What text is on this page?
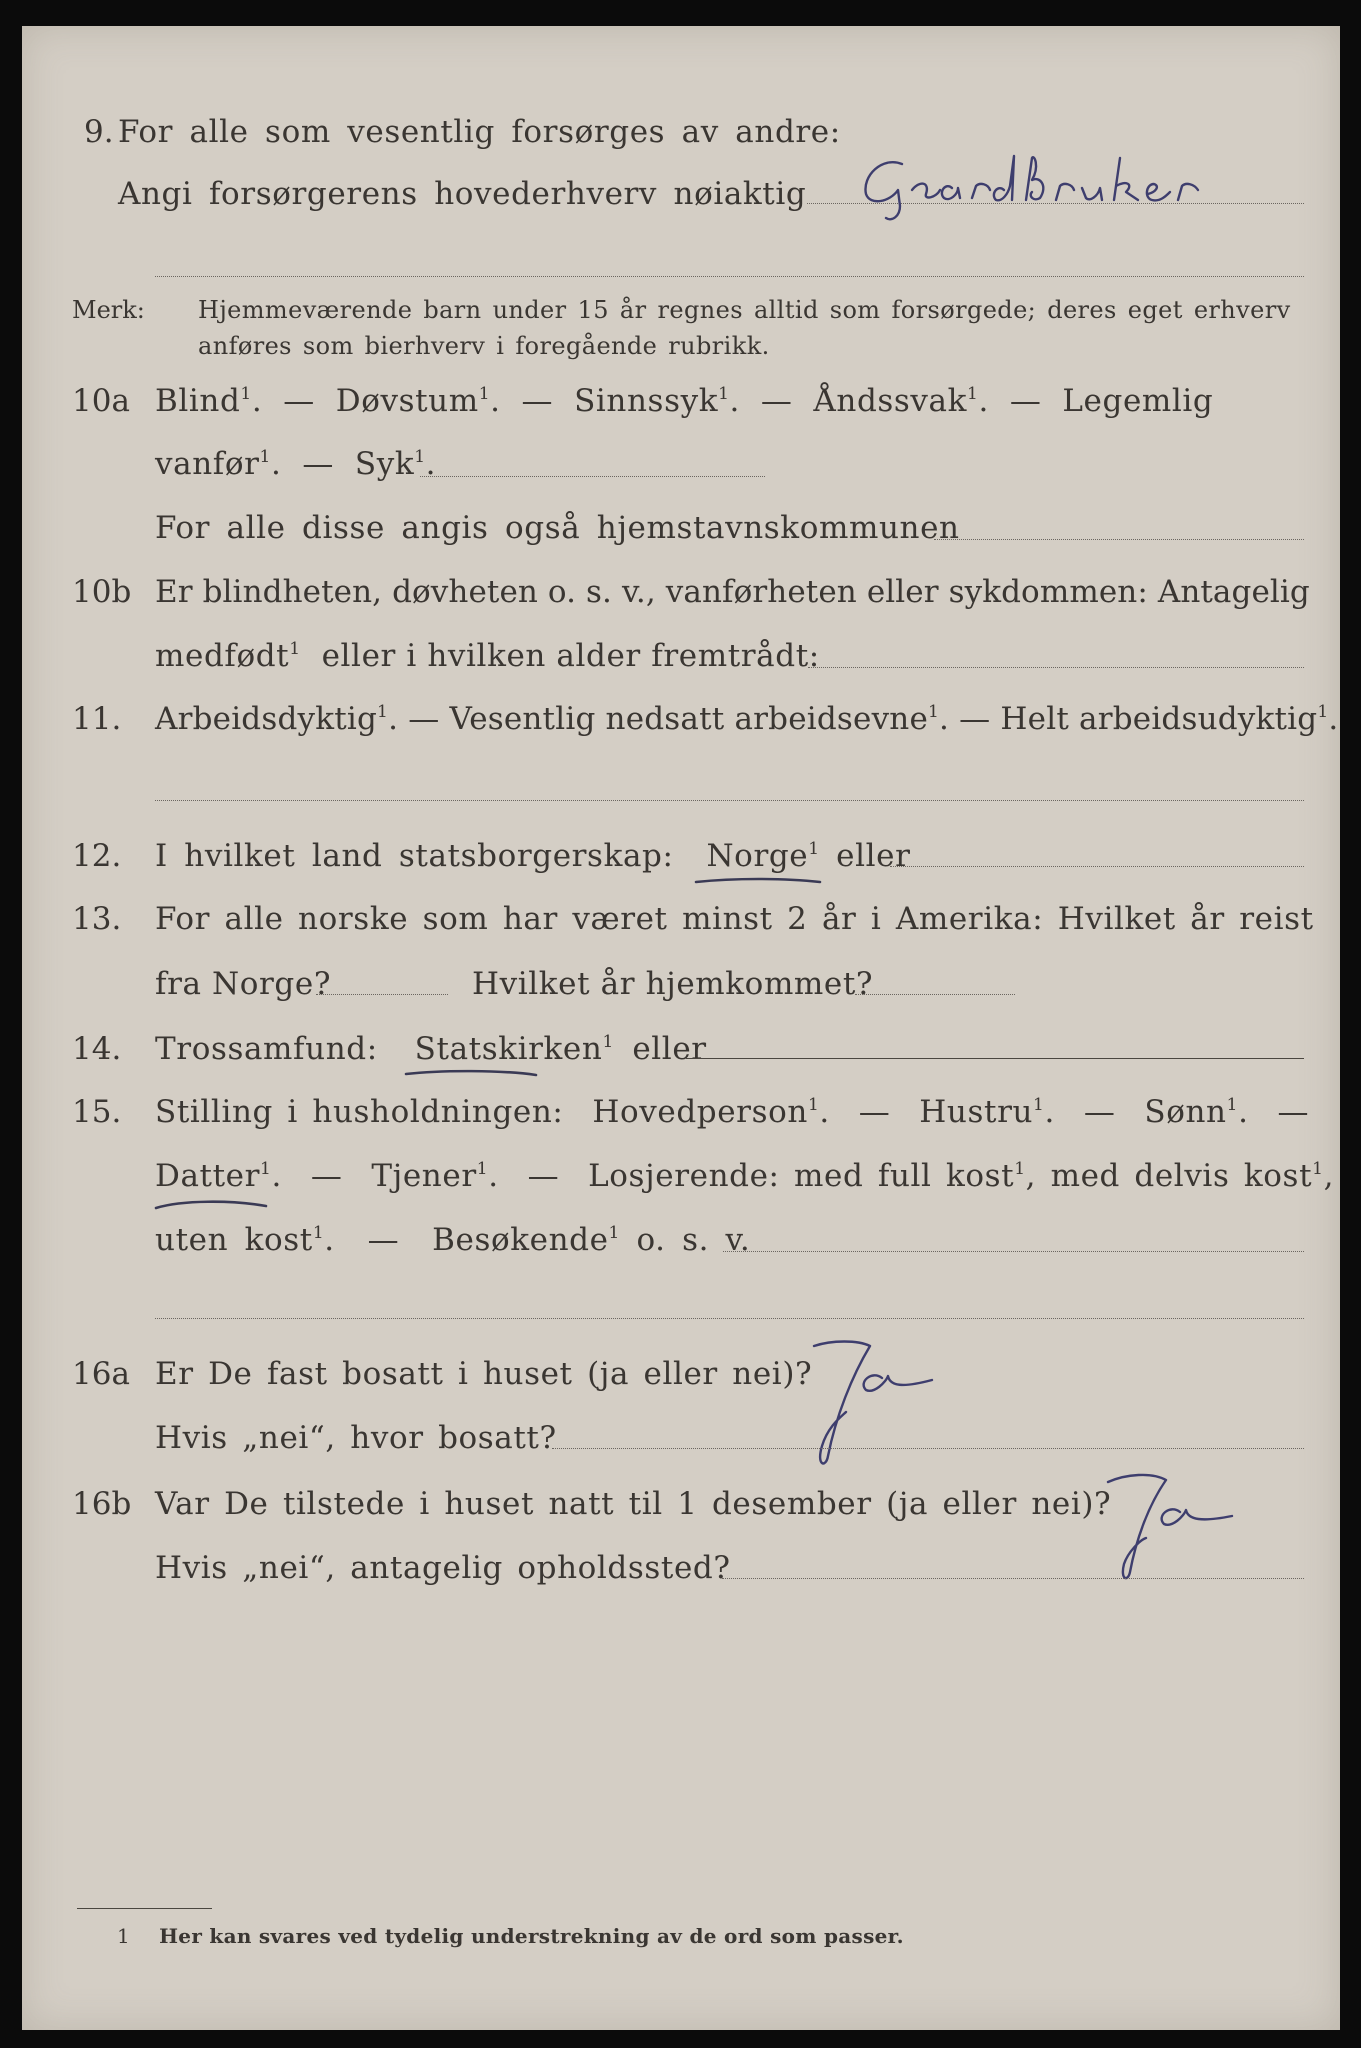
9. For alle som vesentlig forsørges av andre:
Angi forsørgerens hovederhverv nøiaktig
Merk: Hjemmeværende barn under 15 år regnes alltid som forsørgede; deres eget erhverv
anføres som bierhverv i foregående rubrikk.
10a Blind$^1$.  — Døvstum$^1$.  — Sinnssyk$^1$.  — Åndssvak$^1$.  — Legemlig
vanfør$^1$.  — Syk$^1$.
For alle disse angis også hjemstavnskommunen
10b Er blindheten, døvheten o. s. v., vanførheten eller sykdommen: Antagelig
medfødt$^1$ eller i hvilken alder fremtrådt:
11. Arbeidsdyktig$^1$. — Vesentlig nedsatt arbeidsevne$^1$. — Helt arbeidsudyktig$^1$.
12. I hvilket land statsborgerskap: Norge$^1$ eller
13. For alle norske som har været minst 2 år i Amerika: Hvilket år reist
fra Norge?	Hvilket år hjemkommet?
14. Trossamfund: Statskirken$^1$ eller
15. Stilling i husholdningen: Hovedperson$^1$.  — Hustru$^1$.  — Sønn$^1$.  —
Datter$^1$.  — Tjener$^1$.  — Losjerende: med full kost$^1$, med delvis kost$^1$,
uten kost$^1$.  — Besøkende$^1$ o. s. v.
16a Er De fast bosatt i huset (ja eller nei)?
Hvis „nei“, hvor bosatt?
16b Var De tilstede i huset natt til 1 desember (ja eller nei)?
Hvis „nei“, antagelig opholdssted?
1 Her kan svares ved tydelig understrekning av de ord som passer.
